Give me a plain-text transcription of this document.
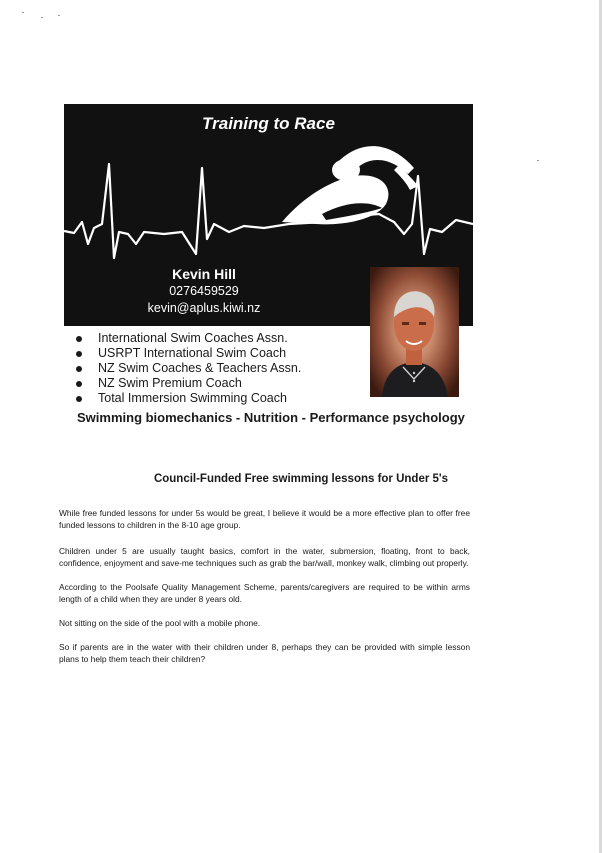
Training to Race
Kevin Hill
0276459529
kevin@aplus.kiwi.nz
International Swim Coaches Assn.
USRPT International Swim Coach
NZ Swim Coaches & Teachers Assn.
NZ Swim Premium Coach
Total Immersion Swimming Coach
Swimming biomechanics - Nutrition - Performance psychology
Council-Funded Free swimming lessons for Under 5's

While free funded lessons for under 5s would be great, I believe it would be a more effective plan to offer free funded lessons to children in the 8-10 age group.

Children under 5 are usually taught basics, comfort in the water, submersion, floating, front to back, confidence, enjoyment and save-me techniques such as grab the bar/wall, monkey walk, climbing out properly.

According to the Poolsafe Quality Management Scheme, parents/caregivers are required to be within arms length of a child when they are under 8 years old.

Not sitting on the side of the pool with a mobile phone.

So if parents are in the water with their children under 8, perhaps they can be provided with simple lesson plans to help them teach their children?
